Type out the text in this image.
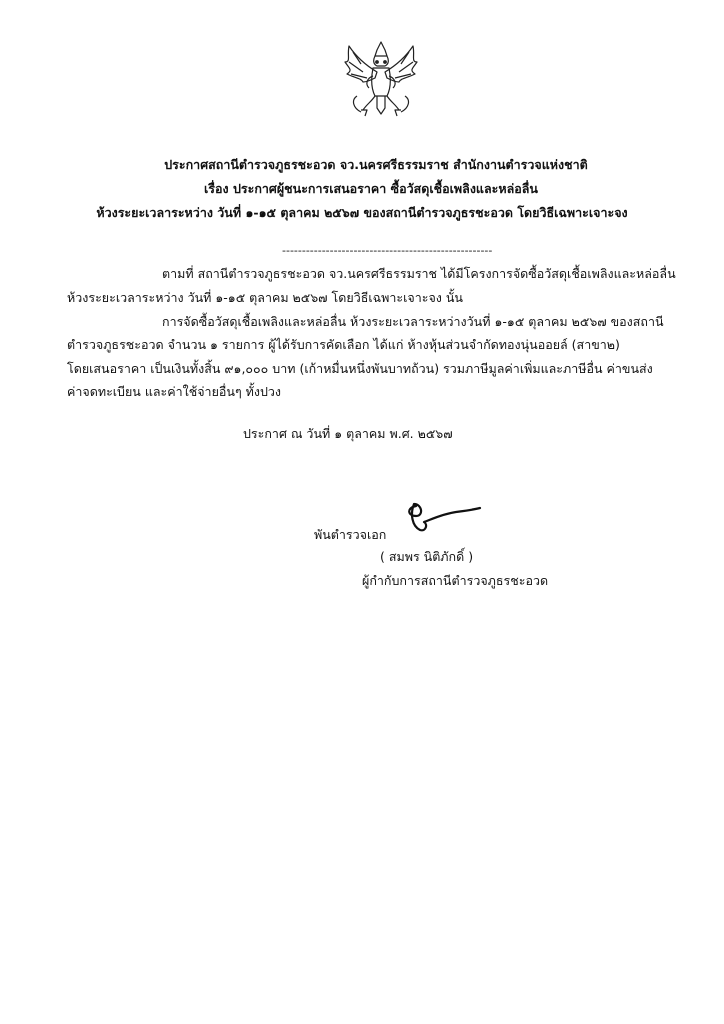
ประกาศสถานีตำรวจภูธรชะอวด จว.นครศรีธรรมราช สำนักงานตำรวจแห่งชาติ
เรื่อง ประกาศผู้ชนะการเสนอราคา ซื้อวัสดุเชื้อเพลิงและหล่อลื่น
ห้วงระยะเวลาระหว่าง วันที่ ๑-๑๕ ตุลาคม ๒๕๖๗ ของสถานีตำรวจภูธรชะอวด โดยวิธีเฉพาะเจาะจง
-----------------------------------------------------
ตามที่ สถานีตำรวจภูธรชะอวด จว.นครศรีธรรมราช ได้มีโครงการจัดซื้อวัสดุเชื้อเพลิงและหล่อลื่น
ห้วงระยะเวลาระหว่าง วันที่ ๑-๑๕ ตุลาคม ๒๕๖๗ โดยวิธีเฉพาะเจาะจง นั้น
การจัดซื้อวัสดุเชื้อเพลิงและหล่อลื่น ห้วงระยะเวลาระหว่างวันที่ ๑-๑๕ ตุลาคม ๒๕๖๗ ของสถานี
ตำรวจภูธรชะอวด จำนวน ๑ รายการ ผู้ได้รับการคัดเลือก ได้แก่ ห้างหุ้นส่วนจำกัดทองนุ่นออยล์ (สาขา๒)
โดยเสนอราคา เป็นเงินทั้งสิ้น ๙๑,๐๐๐ บาท (เก้าหมื่นหนึ่งพันบาทถ้วน) รวมภาษีมูลค่าเพิ่มและภาษีอื่น ค่าขนส่ง
ค่าจดทะเบียน และค่าใช้จ่ายอื่นๆ ทั้งปวง
ประกาศ ณ วันที่ ๑ ตุลาคม พ.ศ. ๒๕๖๗
พันตำรวจเอก
( สมพร นิติภักดิ์ )
ผู้กำกับการสถานีตำรวจภูธรชะอวด
